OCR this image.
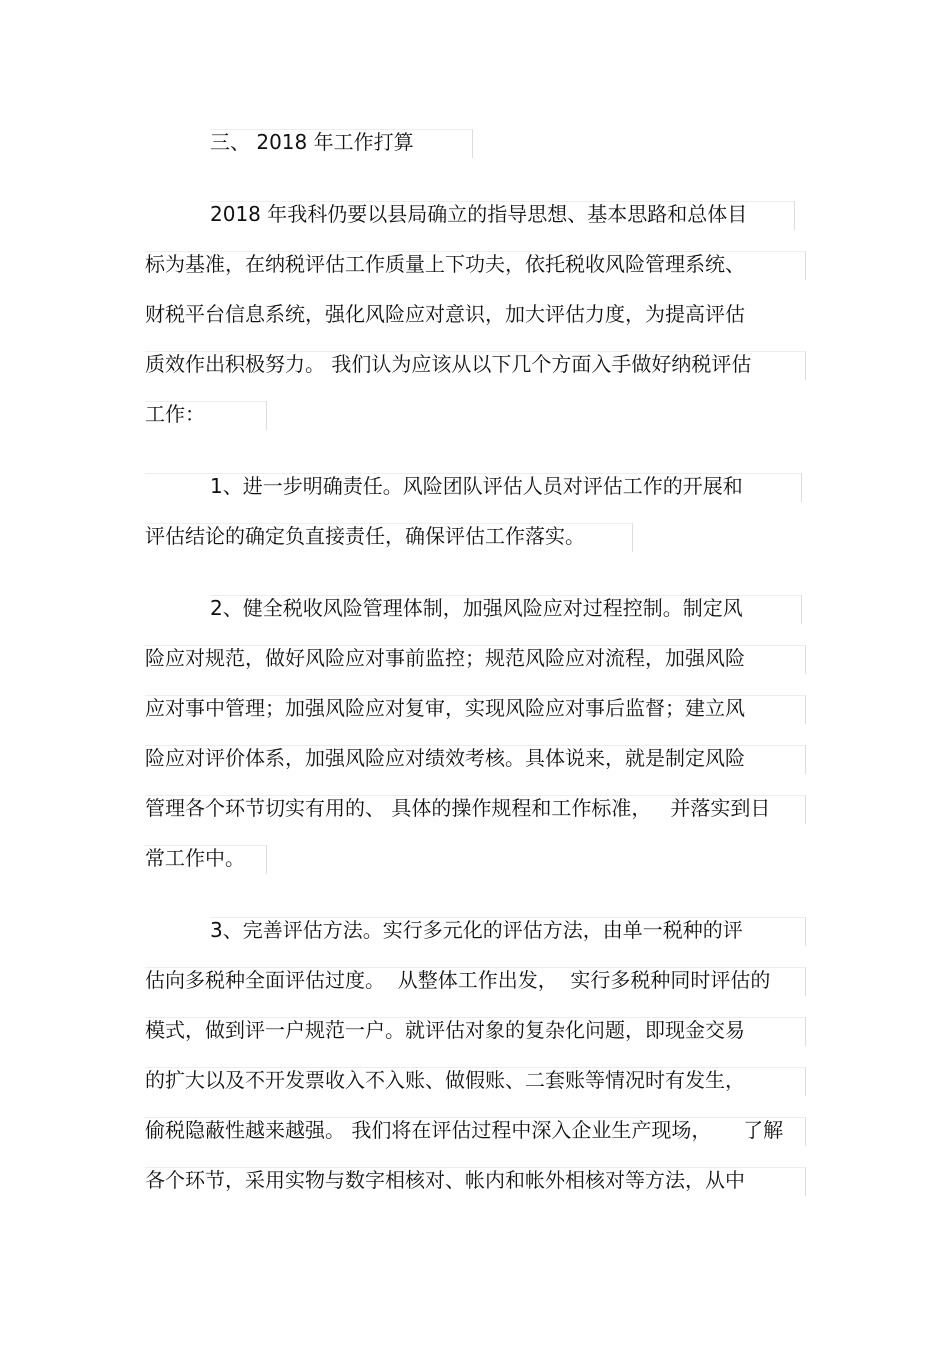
三、 2018 年工作打算
2018 年我科仍要以县局确立的指导思想、基本思路和总体目
标为基准，在纳税评估工作质量上下功夫，依托税收风险管理系统、
财税平台信息系统，强化风险应对意识，加大评估力度，为提高评估
质效作出积极努力。 我们认为应该从以下几个方面入手做好纳税评估
工作：
1、进一步明确责任。风险团队评估人员对评估工作的开展和
评估结论的确定负直接责任，确保评估工作落实。
2、健全税收风险管理体制，加强风险应对过程控制。制定风
险应对规范，做好风险应对事前监控；规范风险应对流程，加强风险
应对事中管理；加强风险应对复审，实现风险应对事后监督；建立风
险应对评价体系，加强风险应对绩效考核。具体说来，就是制定风险
管理各个环节切实有用的、 具体的操作规程和工作标准，   并落实到日
常工作中。
3、完善评估方法。实行多元化的评估方法，由单一税种的评
估向多税种全面评估过度。  从整体工作出发，  实行多税种同时评估的
模式，做到评一户规范一户。就评估对象的复杂化问题，即现金交易
的扩大以及不开发票收入不入账、做假账、二套账等情况时有发生，
偷税隐蔽性越来越强。 我们将在评估过程中深入企业生产现场，     了解
各个环节，采用实物与数字相核对、帐内和帐外相核对等方法，从中
